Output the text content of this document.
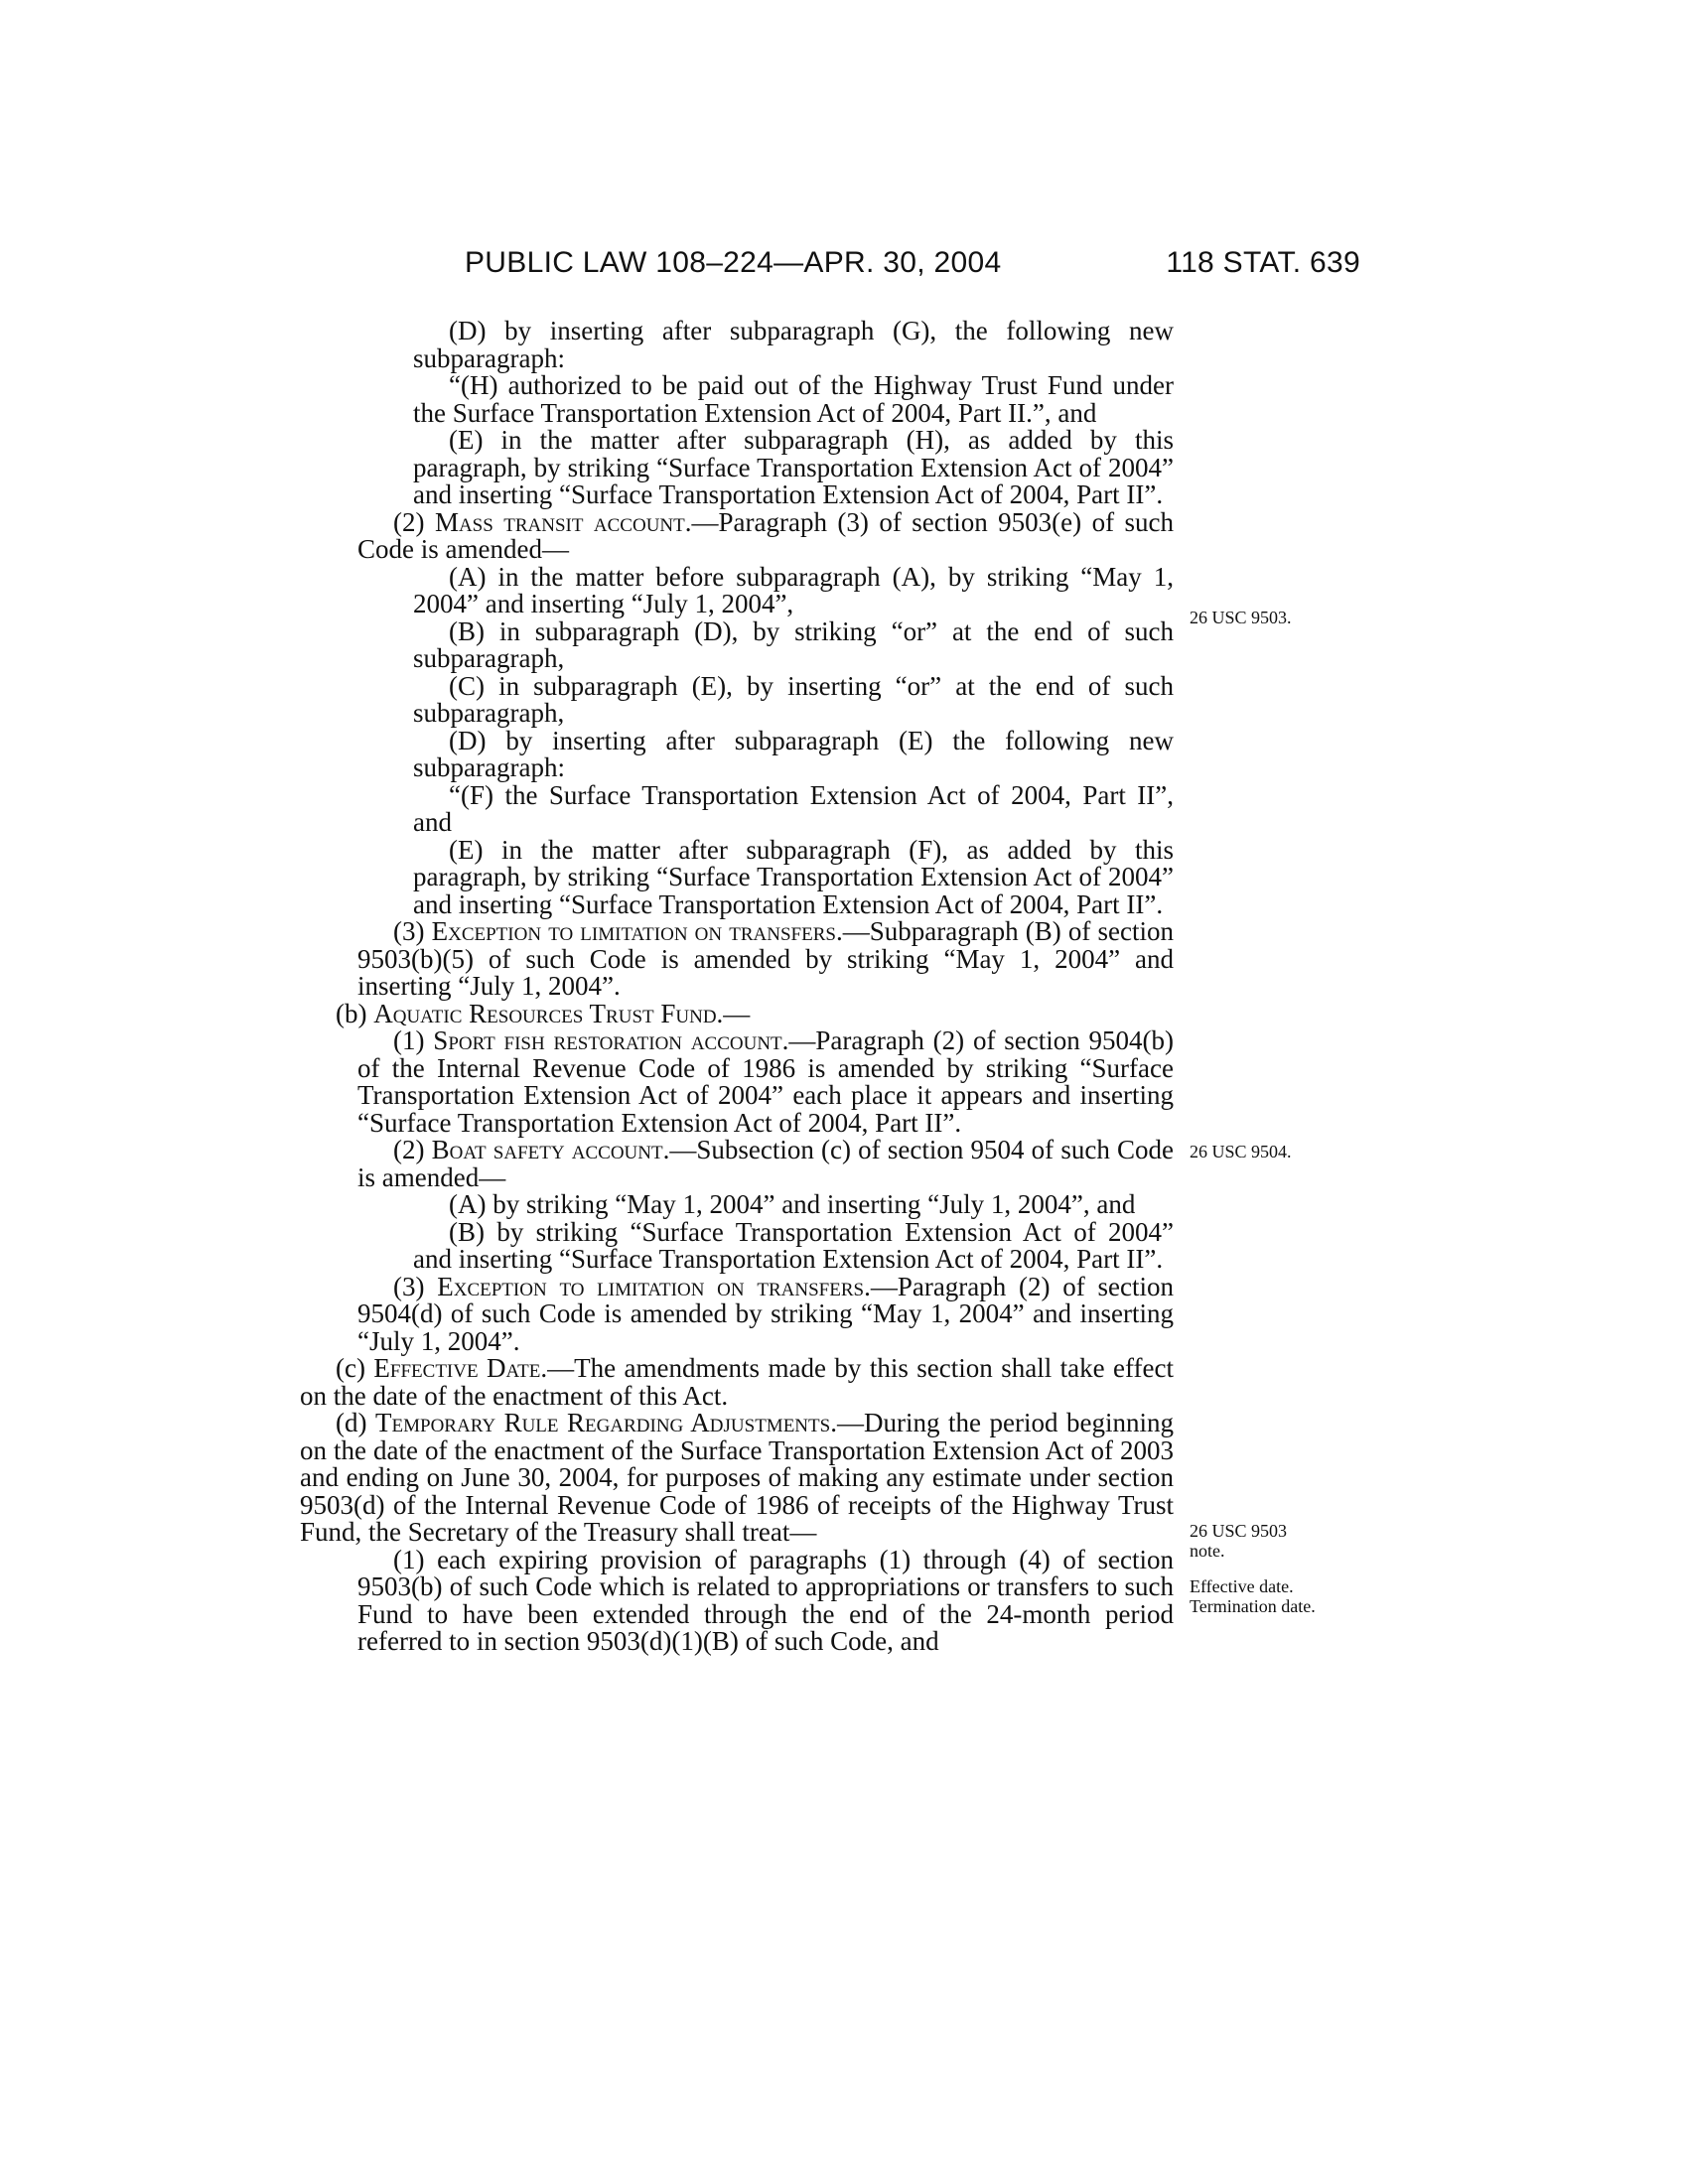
PUBLIC LAW 108–224—APR. 30, 2004	118 STAT. 639

(D) by inserting after subparagraph (G), the following new subparagraph:

“(H) authorized to be paid out of the Highway Trust Fund under the Surface Transportation Extension Act of 2004, Part II.”, and

(E) in the matter after subparagraph (H), as added by this paragraph, by striking “Surface Transportation Extension Act of 2004” and inserting “Surface Transportation Extension Act of 2004, Part II”.

(2) Mass transit account.—Paragraph (3) of section 9503(e) of such Code is amended—

(A) in the matter before subparagraph (A), by striking “May 1, 2004” and inserting “July 1, 2004”,

(B) in subparagraph (D), by striking “or” at the end of such subparagraph,

(C) in subparagraph (E), by inserting “or” at the end of such subparagraph,

(D) by inserting after subparagraph (E) the following new subparagraph:

“(F) the Surface Transportation Extension Act of 2004, Part II”, and

(E) in the matter after subparagraph (F), as added by this paragraph, by striking “Surface Transportation Extension Act of 2004” and inserting “Surface Transportation Extension Act of 2004, Part II”.

(3) Exception to limitation on transfers.—Subparagraph (B) of section 9503(b)(5) of such Code is amended by striking “May 1, 2004” and inserting “July 1, 2004”.

(b) Aquatic Resources Trust Fund.—

(1) Sport fish restoration account.—Paragraph (2) of section 9504(b) of the Internal Revenue Code of 1986 is amended by striking “Surface Transportation Extension Act of 2004” each place it appears and inserting “Surface Transportation Extension Act of 2004, Part II”.

(2) Boat safety account.—Subsection (c) of section 9504 of such Code is amended—

(A) by striking “May 1, 2004” and inserting “July 1, 2004”, and

(B) by striking “Surface Transportation Extension Act of 2004” and inserting “Surface Transportation Extension Act of 2004, Part II”.

(3) Exception to limitation on transfers.—Paragraph (2) of section 9504(d) of such Code is amended by striking “May 1, 2004” and inserting “July 1, 2004”.

(c) Effective Date.—The amendments made by this section shall take effect on the date of the enactment of this Act.

(d) Temporary Rule Regarding Adjustments.—During the period beginning on the date of the enactment of the Surface Transportation Extension Act of 2003 and ending on June 30, 2004, for purposes of making any estimate under section 9503(d) of the Internal Revenue Code of 1986 of receipts of the Highway Trust Fund, the Secretary of the Treasury shall treat—

(1) each expiring provision of paragraphs (1) through (4) of section 9503(b) of such Code which is related to appropriations or transfers to such Fund to have been extended through the end of the 24-month period referred to in section 9503(d)(1)(B) of such Code, and

26 USC 9503.
26 USC 9504.
26 USC 9503 note.
Effective date. Termination date.
